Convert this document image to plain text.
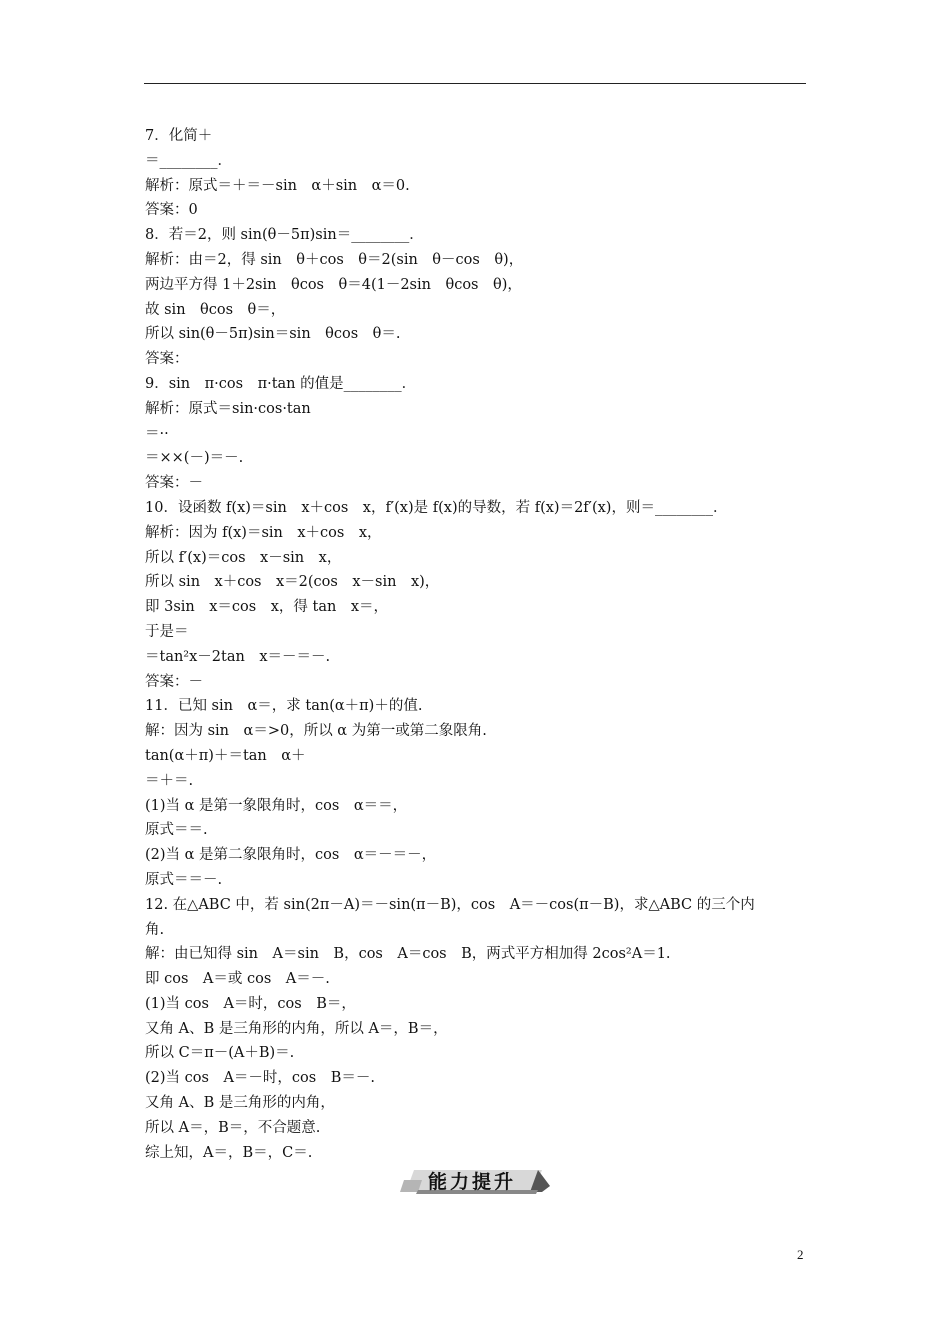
7．化简＋
＝________．
解析：原式＝＋＝－sin　α＋sin　α＝0.
答案：0
8．若＝2，则 sin(θ－5π)sin＝________．
解析：由＝2，得 sin　θ＋cos　θ＝2(sin　θ－cos　θ)，
两边平方得 1＋2sin　θcos　θ＝4(1－2sin　θcos　θ)，
故 sin　θcos　θ＝，
所以 sin(θ－5π)sin＝sin　θcos　θ＝.
答案：
9．sin　π·cos　π·tan 的值是________．
解析：原式＝sin·cos·tan
＝··
＝××(－)＝－.
答案：－
10．设函数 f(x)＝sin　x＋cos　x，f′(x)是 f(x)的导数，若 f(x)＝2f′(x)，则＝________．
解析：因为 f(x)＝sin　x＋cos　x，
所以 f′(x)＝cos　x－sin　x，
所以 sin　x＋cos　x＝2(cos　x－sin　x)，
即 3sin　x＝cos　x，得 tan　x＝，
于是＝
＝tan²x－2tan　x＝－＝－.
答案：－
11．已知 sin　α＝，求 tan(α＋π)＋的值.
解：因为 sin　α＝>0，所以 α 为第一或第二象限角.
tan(α＋π)＋＝tan　α＋
＝＋＝.
(1)当 α 是第一象限角时，cos　α＝＝，
原式＝＝.
(2)当 α 是第二象限角时，cos　α＝－＝－，
原式＝＝－.
12. 在△ABC 中，若 sin(2π－A)＝－sin(π－B)，cos　A＝－cos(π－B)，求△ABC 的三个内
角.
解：由已知得 sin　A＝sin　B，cos　A＝cos　B，两式平方相加得 2cos²A＝1.
即 cos　A＝或 cos　A＝－.
(1)当 cos　A＝时，cos　B＝，
又角 A、B 是三角形的内角，所以 A＝，B＝，
所以 C＝π－(A＋B)＝.
(2)当 cos　A＝－时，cos　B＝－.
又角 A、B 是三角形的内角，
所以 A＝，B＝，不合题意.
综上知，A＝，B＝，C＝.
能力提升
2
